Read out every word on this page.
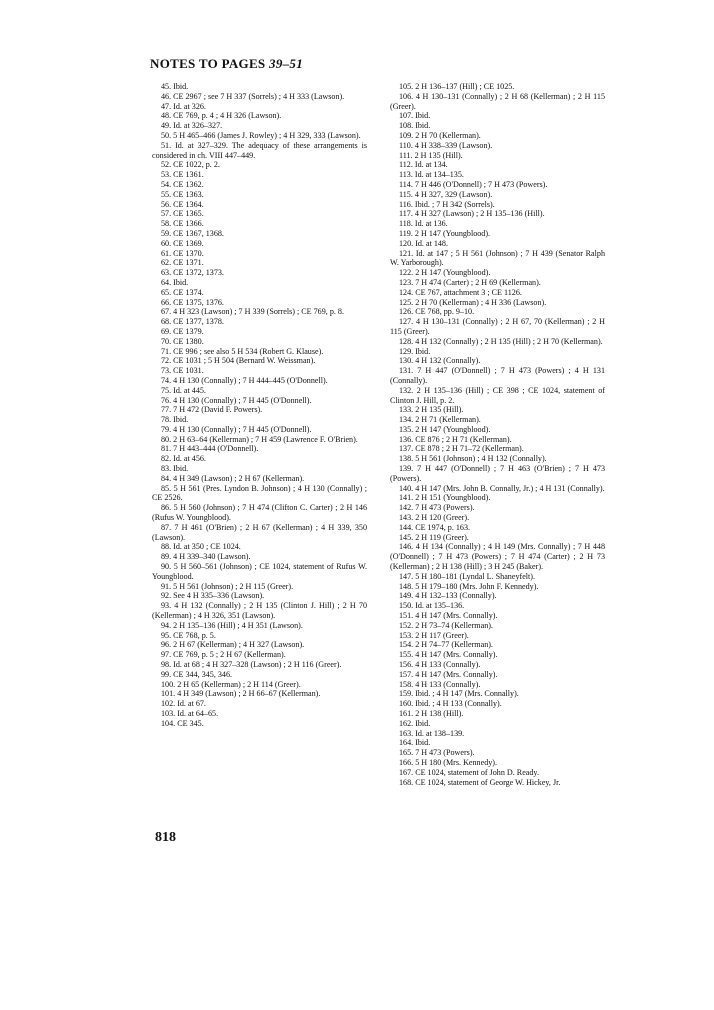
NOTES TO PAGES 39–51

45. Ibid.

46. CE 2967 ; see 7 H 337 (Sorrels) ; 4 H 333 (Lawson).

47. Id. at 326.

48. CE 769, p. 4 ; 4 H 326 (Lawson).

49. Id. at 326–327.

50. 5 H 465–466 (James J. Rowley) ; 4 H 329, 333 (Lawson).

51. Id. at 327–329. The adequacy of these arrangements is considered in ch. VIII 447–449.

52. CE 1022, p. 2.

53. CE 1361.

54. CE 1362.

55. CE 1363.

56. CE 1364.

57. CE 1365.

58. CE 1366.

59. CE 1367, 1368.

60. CE 1369.

61. CE 1370.

62. CE 1371.

63. CE 1372, 1373.

64. Ibid.

65. CE 1374.

66. CE 1375, 1376.

67. 4 H 323 (Lawson) ; 7 H 339 (Sorrels) ; CE 769, p. 8.

68. CE 1377, 1378.

69. CE 1379.

70. CE 1380.

71. CE 996 ; see also 5 H 534 (Robert G. Klause).

72. CE 1031 ; 5 H 504 (Bernard W. Weissman).

73. CE 1031.

74. 4 H 130 (Connally) ; 7 H 444–445 (O'Donnell).

75. Id. at 445.

76. 4 H 130 (Connally) ; 7 H 445 (O'Donnell).

77. 7 H 472 (David F. Powers).

78. Ibid.

79. 4 H 130 (Connally) ; 7 H 445 (O'Donnell).

80. 2 H 63–64 (Kellerman) ; 7 H 459 (Lawrence F. O'Brien).

81. 7 H 443–444 (O'Donnell).

82. Id. at 456.

83. Ibid.

84. 4 H 349 (Lawson) ; 2 H 67 (Kellerman).

85. 5 H 561 (Pres. Lyndon B. Johnson) ; 4 H 130 (Connally) ; CE 2526.

86. 5 H 560 (Johnson) ; 7 H 474 (Clifton C. Carter) ; 2 H 146 (Rufus W. Youngblood).

87. 7 H 461 (O'Brien) ; 2 H 67 (Kellerman) ; 4 H 339, 350 (Lawson).

88. Id. at 350 ; CE 1024.

89. 4 H 339–340 (Lawson).

90. 5 H 560–561 (Johnson) ; CE 1024, statement of Rufus W. Youngblood.

91. 5 H 561 (Johnson) ; 2 H 115 (Greer).

92. See 4 H 335–336 (Lawson).

93. 4 H 132 (Connally) ; 2 H 135 (Clinton J. Hill) ; 2 H 70 (Kellerman) ; 4 H 326, 351 (Lawson).

94. 2 H 135–136 (Hill) ; 4 H 351 (Lawson).

95. CE 768, p. 5.

96. 2 H 67 (Kellerman) ; 4 H 327 (Lawson).

97. CE 769, p. 5 ; 2 H 67 (Kellerman).

98. Id. at 68 ; 4 H 327–328 (Lawson) ; 2 H 116 (Greer).

99. CE 344, 345, 346.

100. 2 H 65 (Kellerman) ; 2 H 114 (Greer).

101. 4 H 349 (Lawson) ; 2 H 66–67 (Kellerman).

102. Id. at 67.

103. Id. at 64–65.

104. CE 345.

105. 2 H 136–137 (Hill) ; CE 1025.

106. 4 H 130–131 (Connally) ; 2 H 68 (Kellerman) ; 2 H 115 (Greer).

107. Ibid.

108. Ibid.

109. 2 H 70 (Kellerman).

110. 4 H 338–339 (Lawson).

111. 2 H 135 (Hill).

112. Id. at 134.

113. Id. at 134–135.

114. 7 H 446 (O'Donnell) ; 7 H 473 (Powers).

115. 4 H 327, 329 (Lawson).

116. Ibid. ; 7 H 342 (Sorrels).

117. 4 H 327 (Lawson) ; 2 H 135–136 (Hill).

118. Id. at 136.

119. 2 H 147 (Youngblood).

120. Id. at 148.

121. Id. at 147 ; 5 H 561 (Johnson) ; 7 H 439 (Senator Ralph W. Yarborough).

122. 2 H 147 (Youngblood).

123. 7 H 474 (Carter) ; 2 H 69 (Kellerman).

124. CE 767, attachment 3 ; CE 1126.

125. 2 H 70 (Kellerman) ; 4 H 336 (Lawson).

126. CE 768, pp. 9–10.

127. 4 H 130–131 (Connally) ; 2 H 67, 70 (Kellerman) ; 2 H 115 (Greer).

128. 4 H 132 (Connally) ; 2 H 135 (Hill) ; 2 H 70 (Kellerman).

129. Ibid.

130. 4 H 132 (Connally).

131. 7 H 447 (O'Donnell) ; 7 H 473 (Powers) ; 4 H 131 (Connally).

132. 2 H 135–136 (Hill) ; CE 398 ; CE 1024, statement of Clinton J. Hill, p. 2.

133. 2 H 135 (Hill).

134. 2 H 71 (Kellerman).

135. 2 H 147 (Youngblood).

136. CE 876 ; 2 H 71 (Kellerman).

137. CE 878 ; 2 H 71–72 (Kellerman).

138. 5 H 561 (Johnson) ; 4 H 132 (Connally).

139. 7 H 447 (O'Donnell) ; 7 H 463 (O'Brien) ; 7 H 473 (Powers).

140. 4 H 147 (Mrs. John B. Connally, Jr.) ; 4 H 131 (Connally).

141. 2 H 151 (Youngblood).

142. 7 H 473 (Powers).

143. 2 H 120 (Greer).

144. CE 1974, p. 163.

145. 2 H 119 (Greer).

146. 4 H 134 (Connally) ; 4 H 149 (Mrs. Connally) ; 7 H 448 (O'Donnell) ; 7 H 473 (Powers) ; 7 H 474 (Carter) ; 2 H 73 (Kellerman) ; 2 H 138 (Hill) ; 3 H 245 (Baker).

147. 5 H 180–181 (Lyndal L. Shaneyfelt).

148. 5 H 179–180 (Mrs. John F. Kennedy).

149. 4 H 132–133 (Connally).

150. Id. at 135–136.

151. 4 H 147 (Mrs. Connally).

152. 2 H 73–74 (Kellerman).

153. 2 H 117 (Greer).

154. 2 H 74–77 (Kellerman).

155. 4 H 147 (Mrs. Connally).

156. 4 H 133 (Connally).

157. 4 H 147 (Mrs. Connally).

158. 4 H 133 (Connally).

159. Ibid. ; 4 H 147 (Mrs. Connally).

160. Ibid. ; 4 H 133 (Connally).

161. 2 H 138 (Hill).

162. Ibid.

163. Id. at 138–139.

164. Ibid.

165. 7 H 473 (Powers).

166. 5 H 180 (Mrs. Kennedy).

167. CE 1024, statement of John D. Ready.

168. CE 1024, statement of George W. Hickey, Jr.

818
